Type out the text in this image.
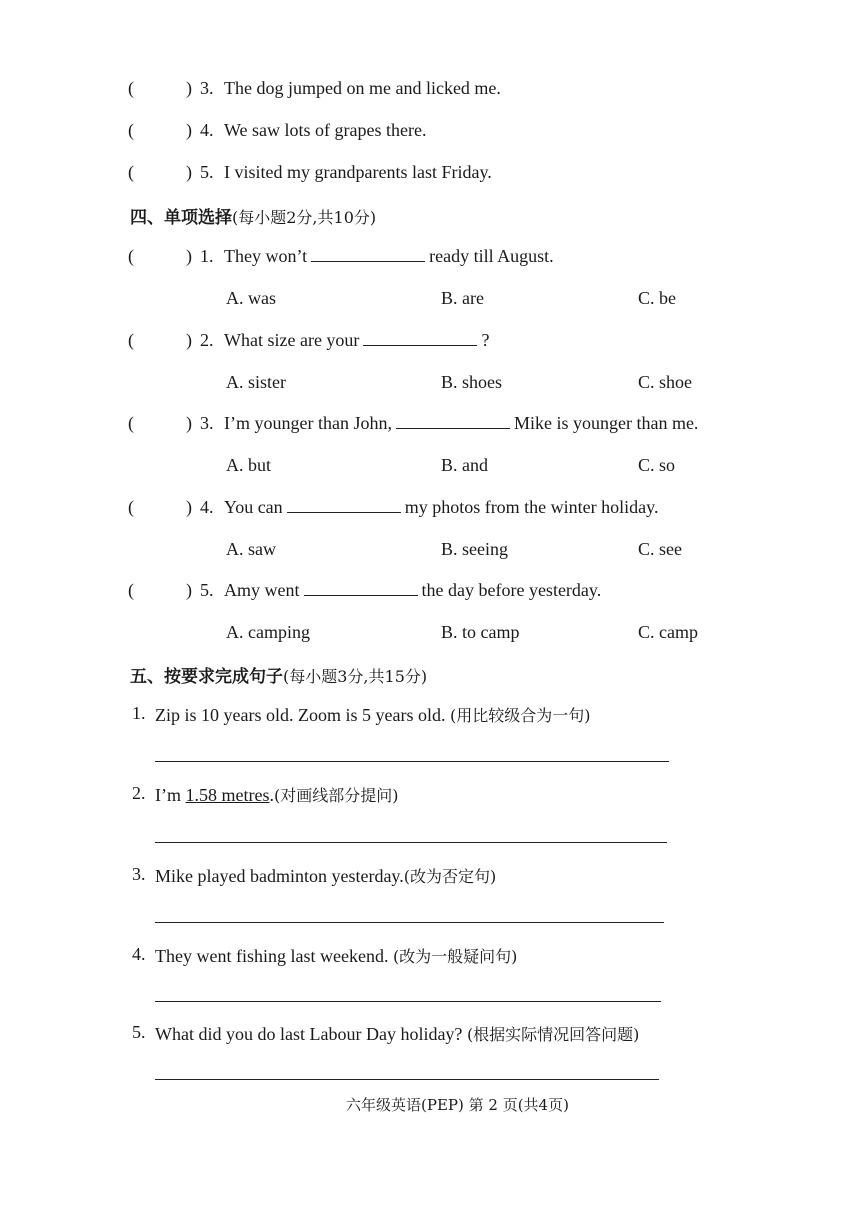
(	) 3. The dog jumped on me and licked me.
(	) 4. We saw lots of grapes there.
(	) 5. I visited my grandparents last Friday.
四、单项选择(每小题2分,共10分)
(	) 1. They won’t	ready till August.
A. was	B. are	C. be
(	) 2. What size are your	?
A. sister	B. shoes	C. shoe
(	) 3. I’m younger than John,	Mike is younger than me.
A. but	B. and	C. so
(	) 4. You can	my photos from the winter holiday.
A. saw	B. seeing	C. see
(	) 5. Amy went	the day before yesterday.
A. camping	B. to camp	C. camp
五、按要求完成句子(每小题3分,共15分)
1. Zip is 10 years old. Zoom is 5 years old. (用比较级合为一句)
2. I’m 1.58 metres.(对画线部分提问)
3. Mike played badminton yesterday.(改为否定句)
4. They went fishing last weekend. (改为一般疑问句)
5. What did you do last Labour Day holiday? (根据实际情况回答问题)
六年级英语(PEP) 第 2 页(共4页)
